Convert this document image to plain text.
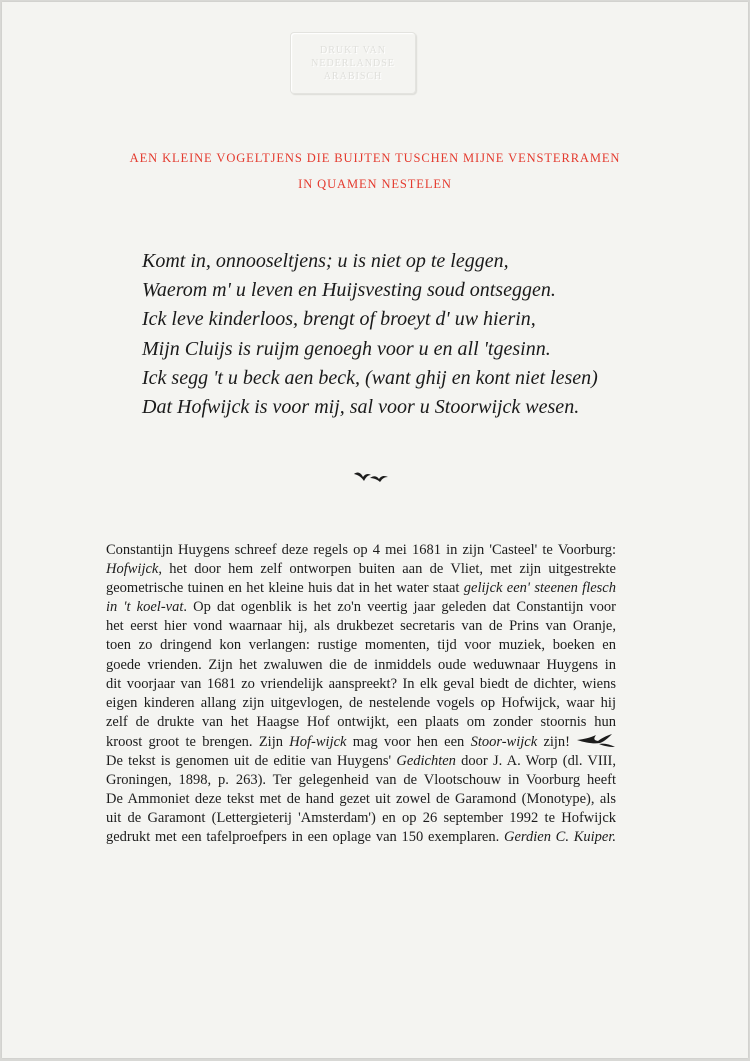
DRUKT VAN
NEDERLANDSE
ARABISCH
AEN KLEINE VOGELTJENS DIE BUIJTEN TUSCHEN MIJNE VENSTERRAMEN
IN QUAMEN NESTELEN
Komt in, onnooseltjens; u is niet op te leggen,
Waerom m' u leven en Huijsvesting soud ontseggen.
Ick leve kinderloos, brengt of broeyt d' uw hierin,
Mijn Cluijs is ruijm genoegh voor u en all 'tgesinn.
Ick segg 't u beck aen beck, (want ghij en kont niet lesen)
Dat Hofwijck is voor mij, sal voor u Stoorwijck wesen.
Constantijn Huygens schreef deze regels op 4 mei 1681 in zijn 'Casteel' te Voorburg:
Hofwijck, het door hem zelf ontworpen buiten aan de Vliet, met zijn uitgestrekte
geometrische tuinen en het kleine huis dat in het water staat gelijck een' steenen flesch
in 't koel-vat. Op dat ogenblik is het zo'n veertig jaar geleden dat Constantijn voor
het eerst hier vond waarnaar hij, als drukbezet secretaris van de Prins van Oranje,
toen zo dringend kon verlangen: rustige momenten, tijd voor muziek, boeken en
goede vrienden. Zijn het zwaluwen die de inmiddels oude weduwnaar Huygens in
dit voorjaar van 1681 zo vriendelijk aanspreekt? In elk geval biedt de dichter, wiens
eigen kinderen allang zijn uitgevlogen, de nestelende vogels op Hofwijck, waar hij
zelf de drukte van het Haagse Hof ontwijkt, een plaats om zonder stoornis hun
kroost groot te brengen. Zijn Hof-wijck mag voor hen een Stoor-wijck zijn!
De tekst is genomen uit de editie van Huygens' Gedichten door J. A. Worp (dl. VIII,
Groningen, 1898, p. 263). Ter gelegenheid van de Vlootschouw in Voorburg heeft
De Ammoniet deze tekst met de hand gezet uit zowel de Garamond (Monotype), als
uit de Garamont (Lettergieterij 'Amsterdam') en op 26 september 1992 te Hofwijck
gedrukt met een tafelproefpers in een oplage van 150 exemplaren. Gerdien C. Kuiper.
